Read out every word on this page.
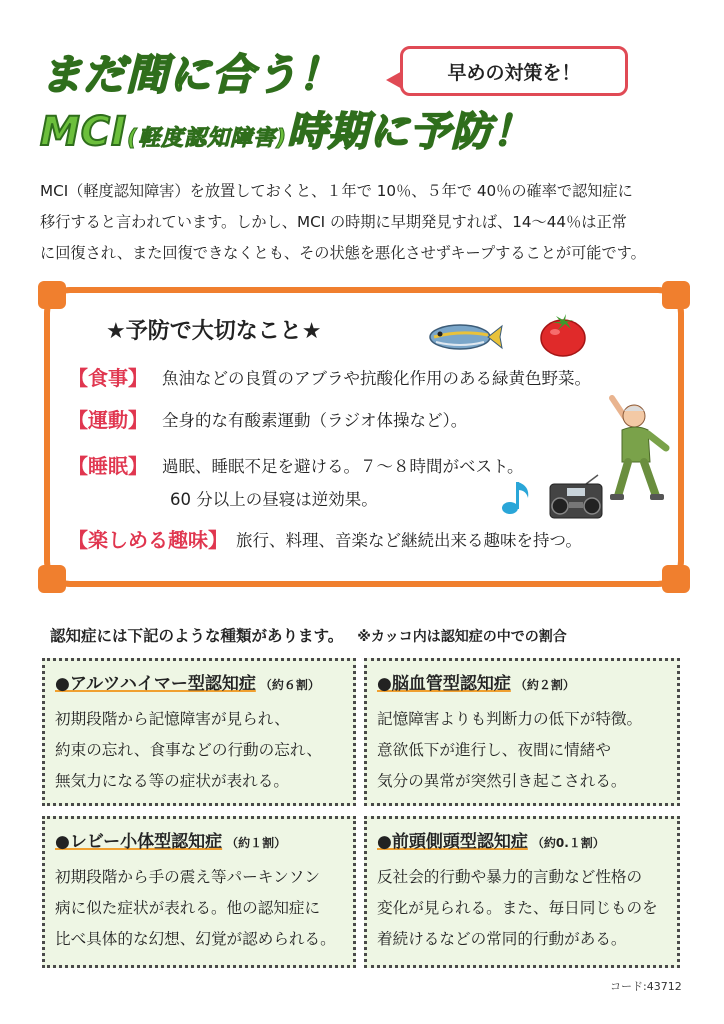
まだ間に合う！
MCI(軽度認知障害)時期に予防！
早めの対策を！

MCI（軽度認知障害）を放置しておくと、１年で 10％、５年で 40％の確率で認知症に

移行すると言われています。しかし、MCI の時期に早期発見すれば、14～44％は正常

に回復され、また回復できなくとも、その状態を悪化させずキープすることが可能です。

★予防で大切なこと★
【食事】 魚油などの良質のアブラや抗酸化作用のある緑黄色野菜。
【運動】 全身的な有酸素運動（ラジオ体操など）。
【睡眠】 過眠、睡眠不足を避ける。７～８時間がベスト。
60 分以上の昼寝は逆効果。
【楽しめる趣味】 旅行、料理、音楽など継続出来る趣味を持つ。
認知症には下記のような種類があります。 ※カッコ内は認知症の中での割合
●アルツハイマー型認知症 （約６割）
初期段階から記憶障害が見られ、
約束の忘れ、食事などの行動の忘れ、
無気力になる等の症状が表れる。
●脳血管型認知症 （約２割）
記憶障害よりも判断力の低下が特徴。
意欲低下が進行し、夜間に情緒や
気分の異常が突然引き起こされる。
●レビー小体型認知症 （約１割）
初期段階から手の震え等パーキンソン
病に似た症状が表れる。他の認知症に
比べ具体的な幻想、幻覚が認められる。
●前頭側頭型認知症 （約0.１割）
反社会的行動や暴力的言動など性格の
変化が見られる。また、毎日同じものを
着続けるなどの常同的行動がある。
コード:43712
